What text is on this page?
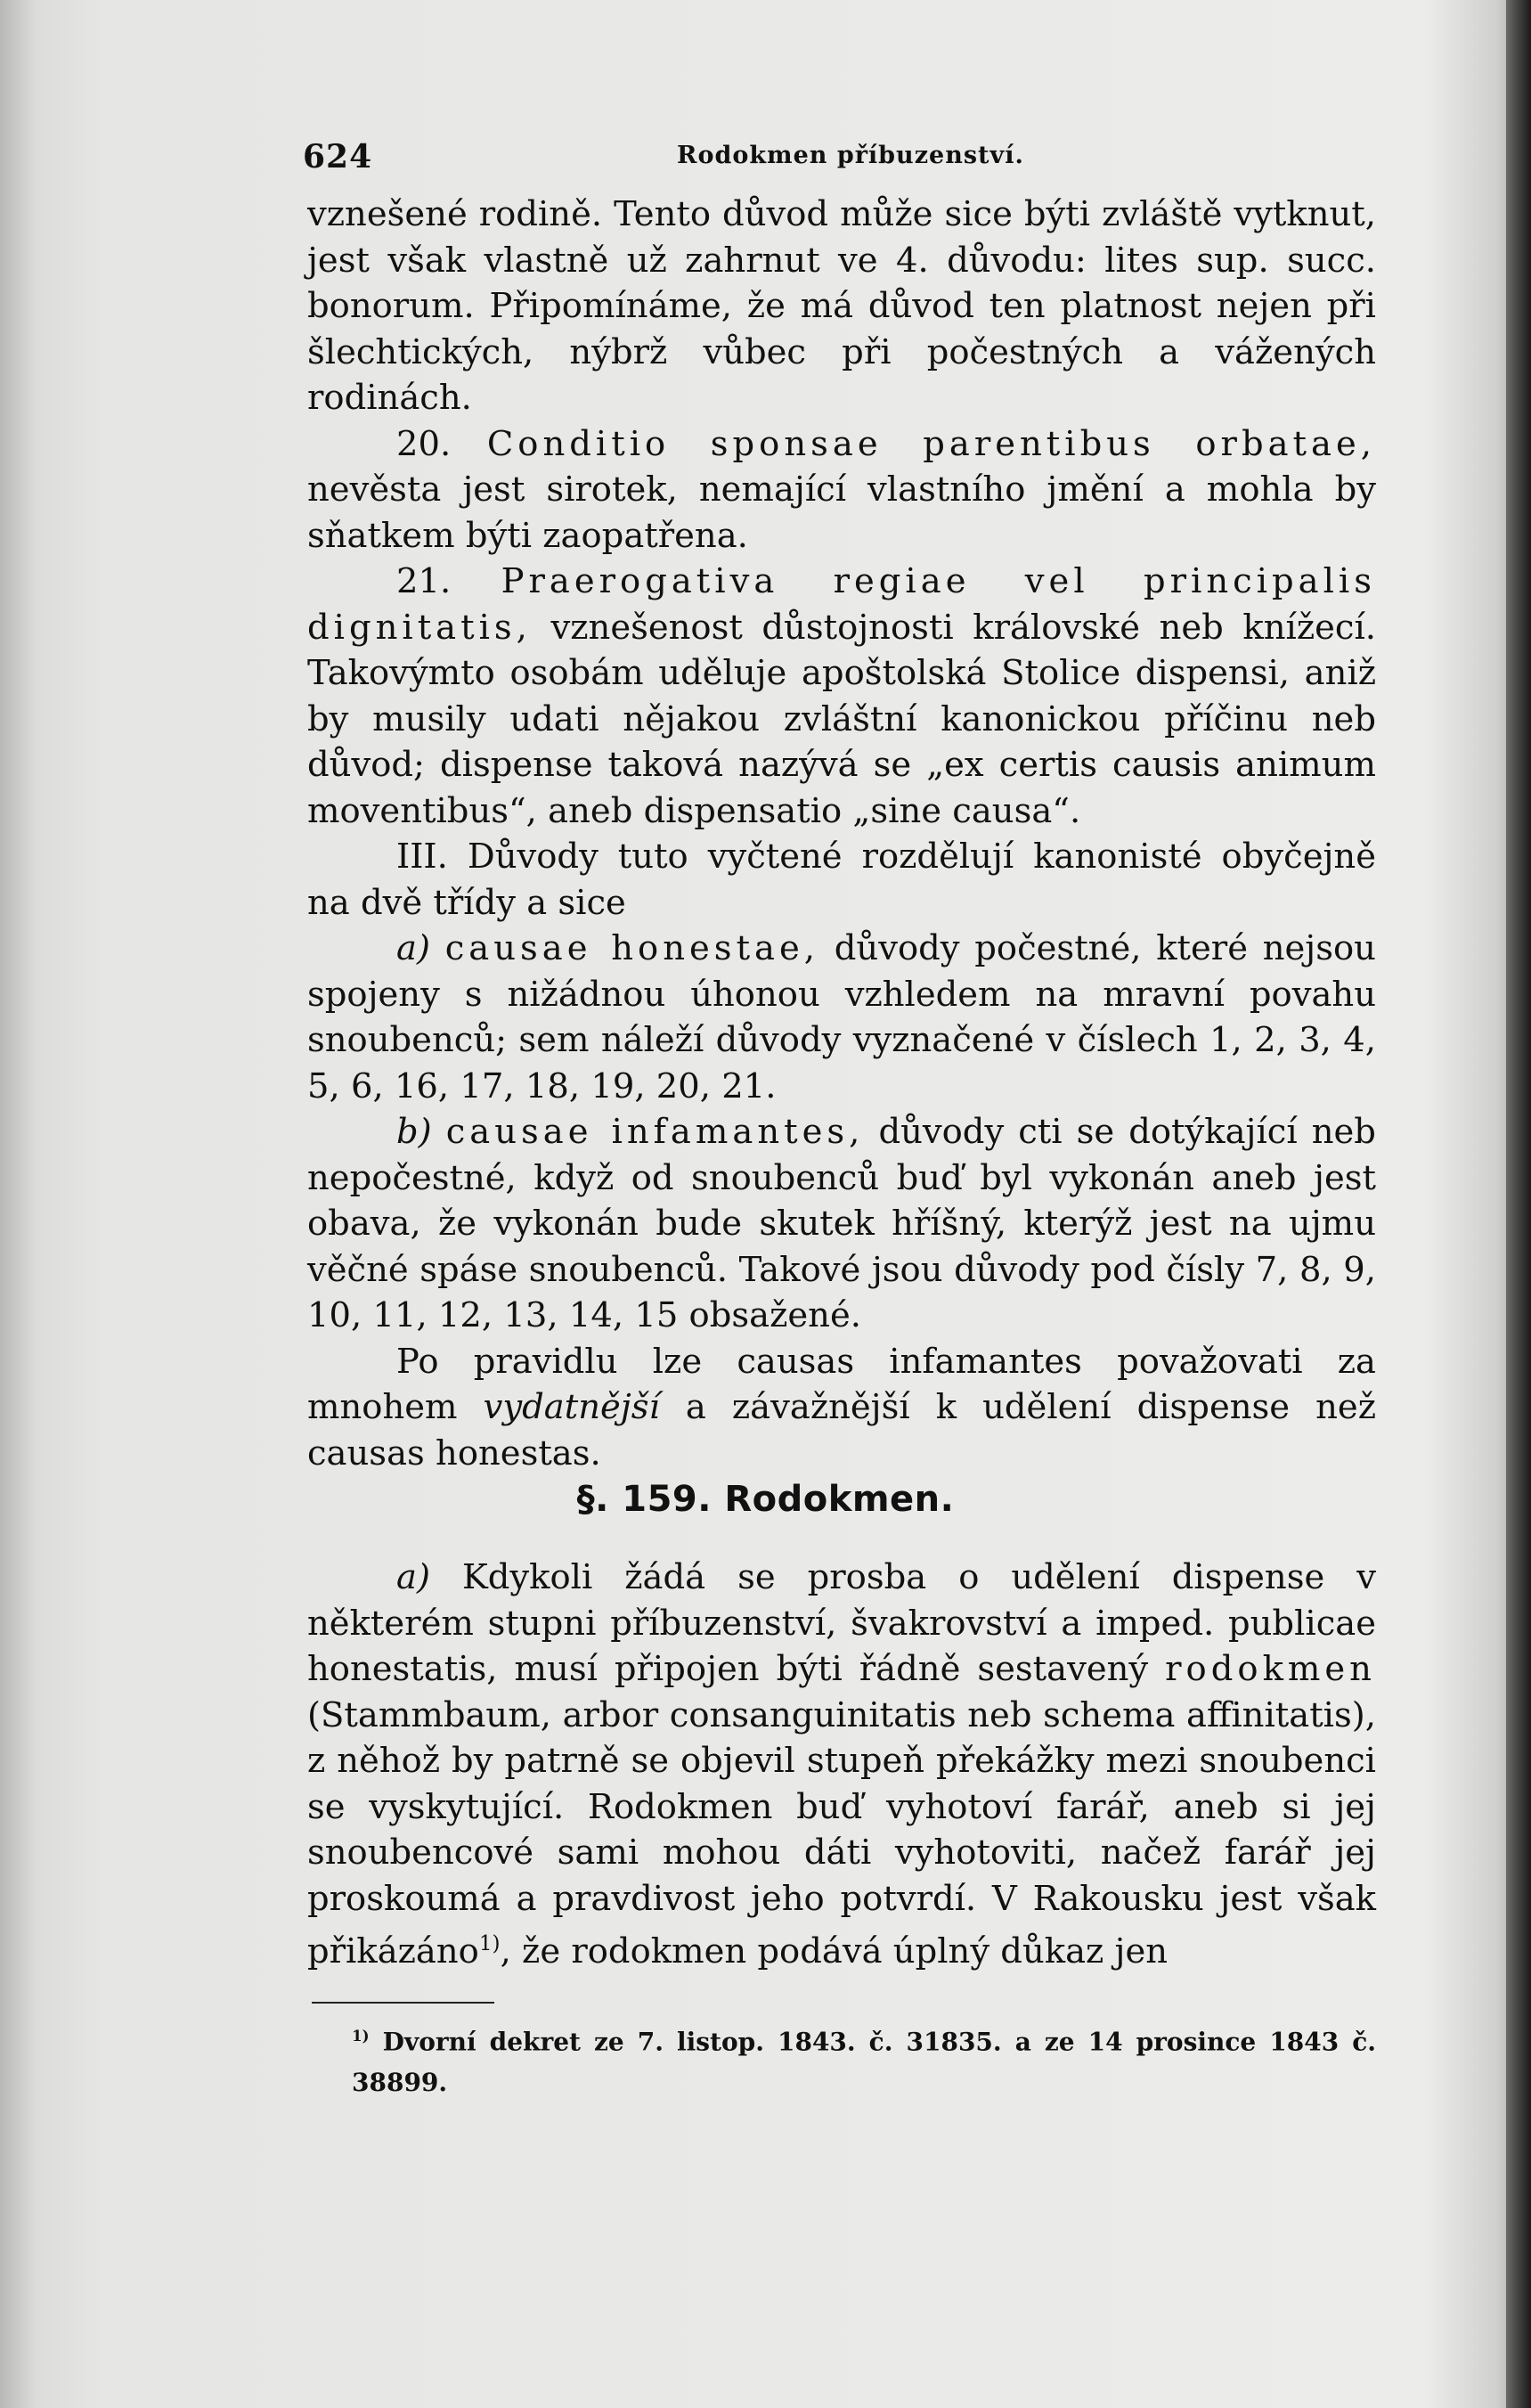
624	Rodokmen příbuzenství.

vznešené rodině. Tento důvod může sice býti zvláště vytknut, jest však vlastně už zahrnut ve 4. důvodu: lites sup. succ. bonorum. Připomínáme, že má důvod ten platnost nejen při šlechtických, nýbrž vůbec při počestných a vážených rodinách.

20. Conditio sponsae parentibus orbatae, nevěsta jest sirotek, nemající vlastního jmění a mohla by sňatkem býti zaopatřena.

21. Praerogativa regiae vel principalis dignitatis, vznešenost důstojnosti královské neb knížecí. Takovýmto osobám uděluje apoštolská Stolice dispensi, aniž by musily udati nějakou zvláštní kanonickou příčinu neb důvod; dispense taková nazývá se „ex certis causis animum moventibus“, aneb dispensatio „sine causa“.

III. Důvody tuto vyčtené rozdělují kanonisté obyčejně na dvě třídy a sice

a) causae honestae, důvody počestné, které nejsou spojeny s nižádnou úhonou vzhledem na mravní povahu snoubenců; sem náleží důvody vyznačené v číslech 1, 2, 3, 4, 5, 6, 16, 17, 18, 19, 20, 21.

b) causae infamantes, důvody cti se dotýkající neb nepočestné, když od snoubenců buď byl vykonán aneb jest obava, že vykonán bude skutek hříšný, kterýž jest na ujmu věčné spáse snoubenců. Takové jsou důvody pod čísly 7, 8, 9, 10, 11, 12, 13, 14, 15 obsažené.

Po pravidlu lze causas infamantes považovati za mnohem vydatnější a závažnější k udělení dispense než causas honestas.

§. 159. Rodokmen.

a) Kdykoli žádá se prosba o udělení dispense v některém stupni příbuzenství, švakrovství a imped. publicae honestatis, musí připojen býti řádně sestavený rodokmen (Stammbaum, arbor consanguinitatis neb schema affinitatis), z něhož by patrně se objevil stupeň překážky mezi snoubenci se vyskytující. Rodokmen buď vyhotoví farář, aneb si jej snoubencové sami mohou dáti vyhotoviti, načež farář jej proskoumá a pravdivost jeho potvrdí. V Rakousku jest však přikázáno$^{1)}$, že rodokmen podává úplný důkaz jen

$^{1)}$ Dvorní dekret ze 7. listop. 1843. č. 31835. a ze 14 prosince 1843 č. 38899.
